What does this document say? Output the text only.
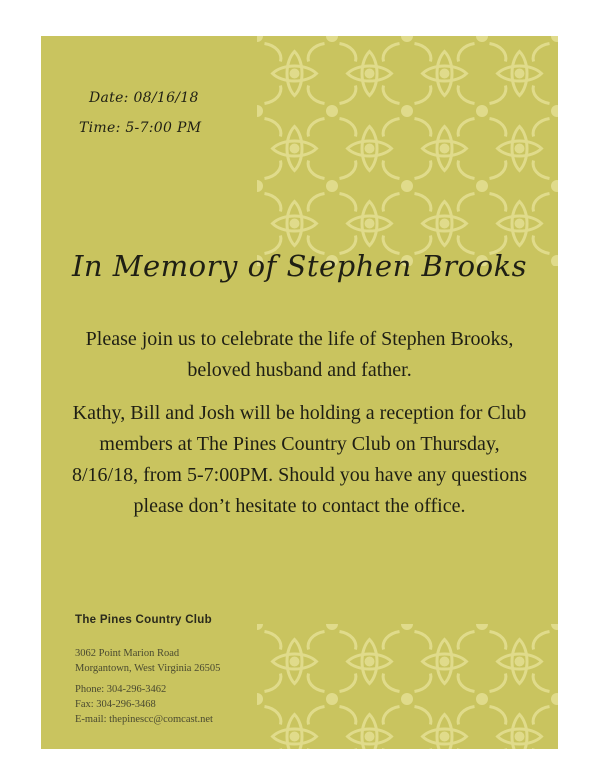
Date: 08/16/18
Time: 5-7:00 PM
In Memory of Stephen Brooks
Please join us to celebrate the life of Stephen Brooks,
beloved husband and father.
Kathy, Bill and Josh will be holding a reception for Club
members at The Pines Country Club on Thursday,
8/16/18, from 5-7:00PM. Should you have any questions
please don’t hesitate to contact the office.
The Pines Country Club
3062 Point Marion Road
Morgantown, West Virginia 26505
Phone: 304-296-3462
Fax: 304-296-3468
E-mail: thepinescc@comcast.net
